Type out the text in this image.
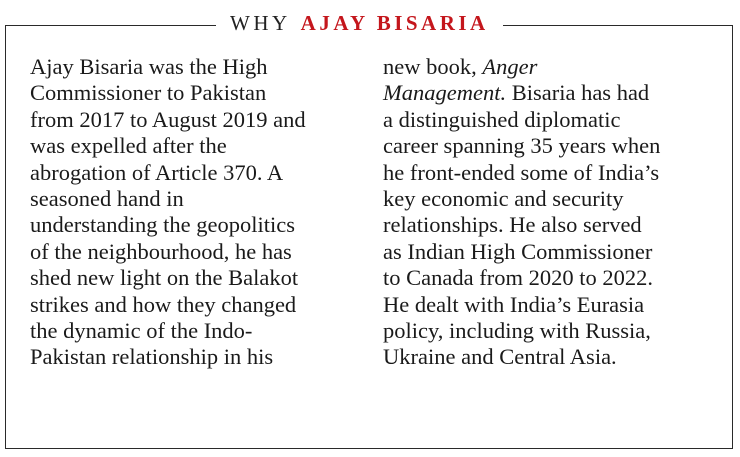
WHY AJAY BISARIA
Ajay Bisaria was the High
Commissioner to Pakistan
from 2017 to August 2019 and
was expelled after the
abrogation of Article 370. A
seasoned hand in
understanding the geopolitics
of the neighbourhood, he has
shed new light on the Balakot
strikes and how they changed
the dynamic of the Indo-
Pakistan relationship in his
new book, Anger
Management. Bisaria has had
a distinguished diplomatic
career spanning 35 years when
he front-ended some of India’s
key economic and security
relationships. He also served
as Indian High Commissioner
to Canada from 2020 to 2022.
He dealt with India’s Eurasia
policy, including with Russia,
Ukraine and Central Asia.
